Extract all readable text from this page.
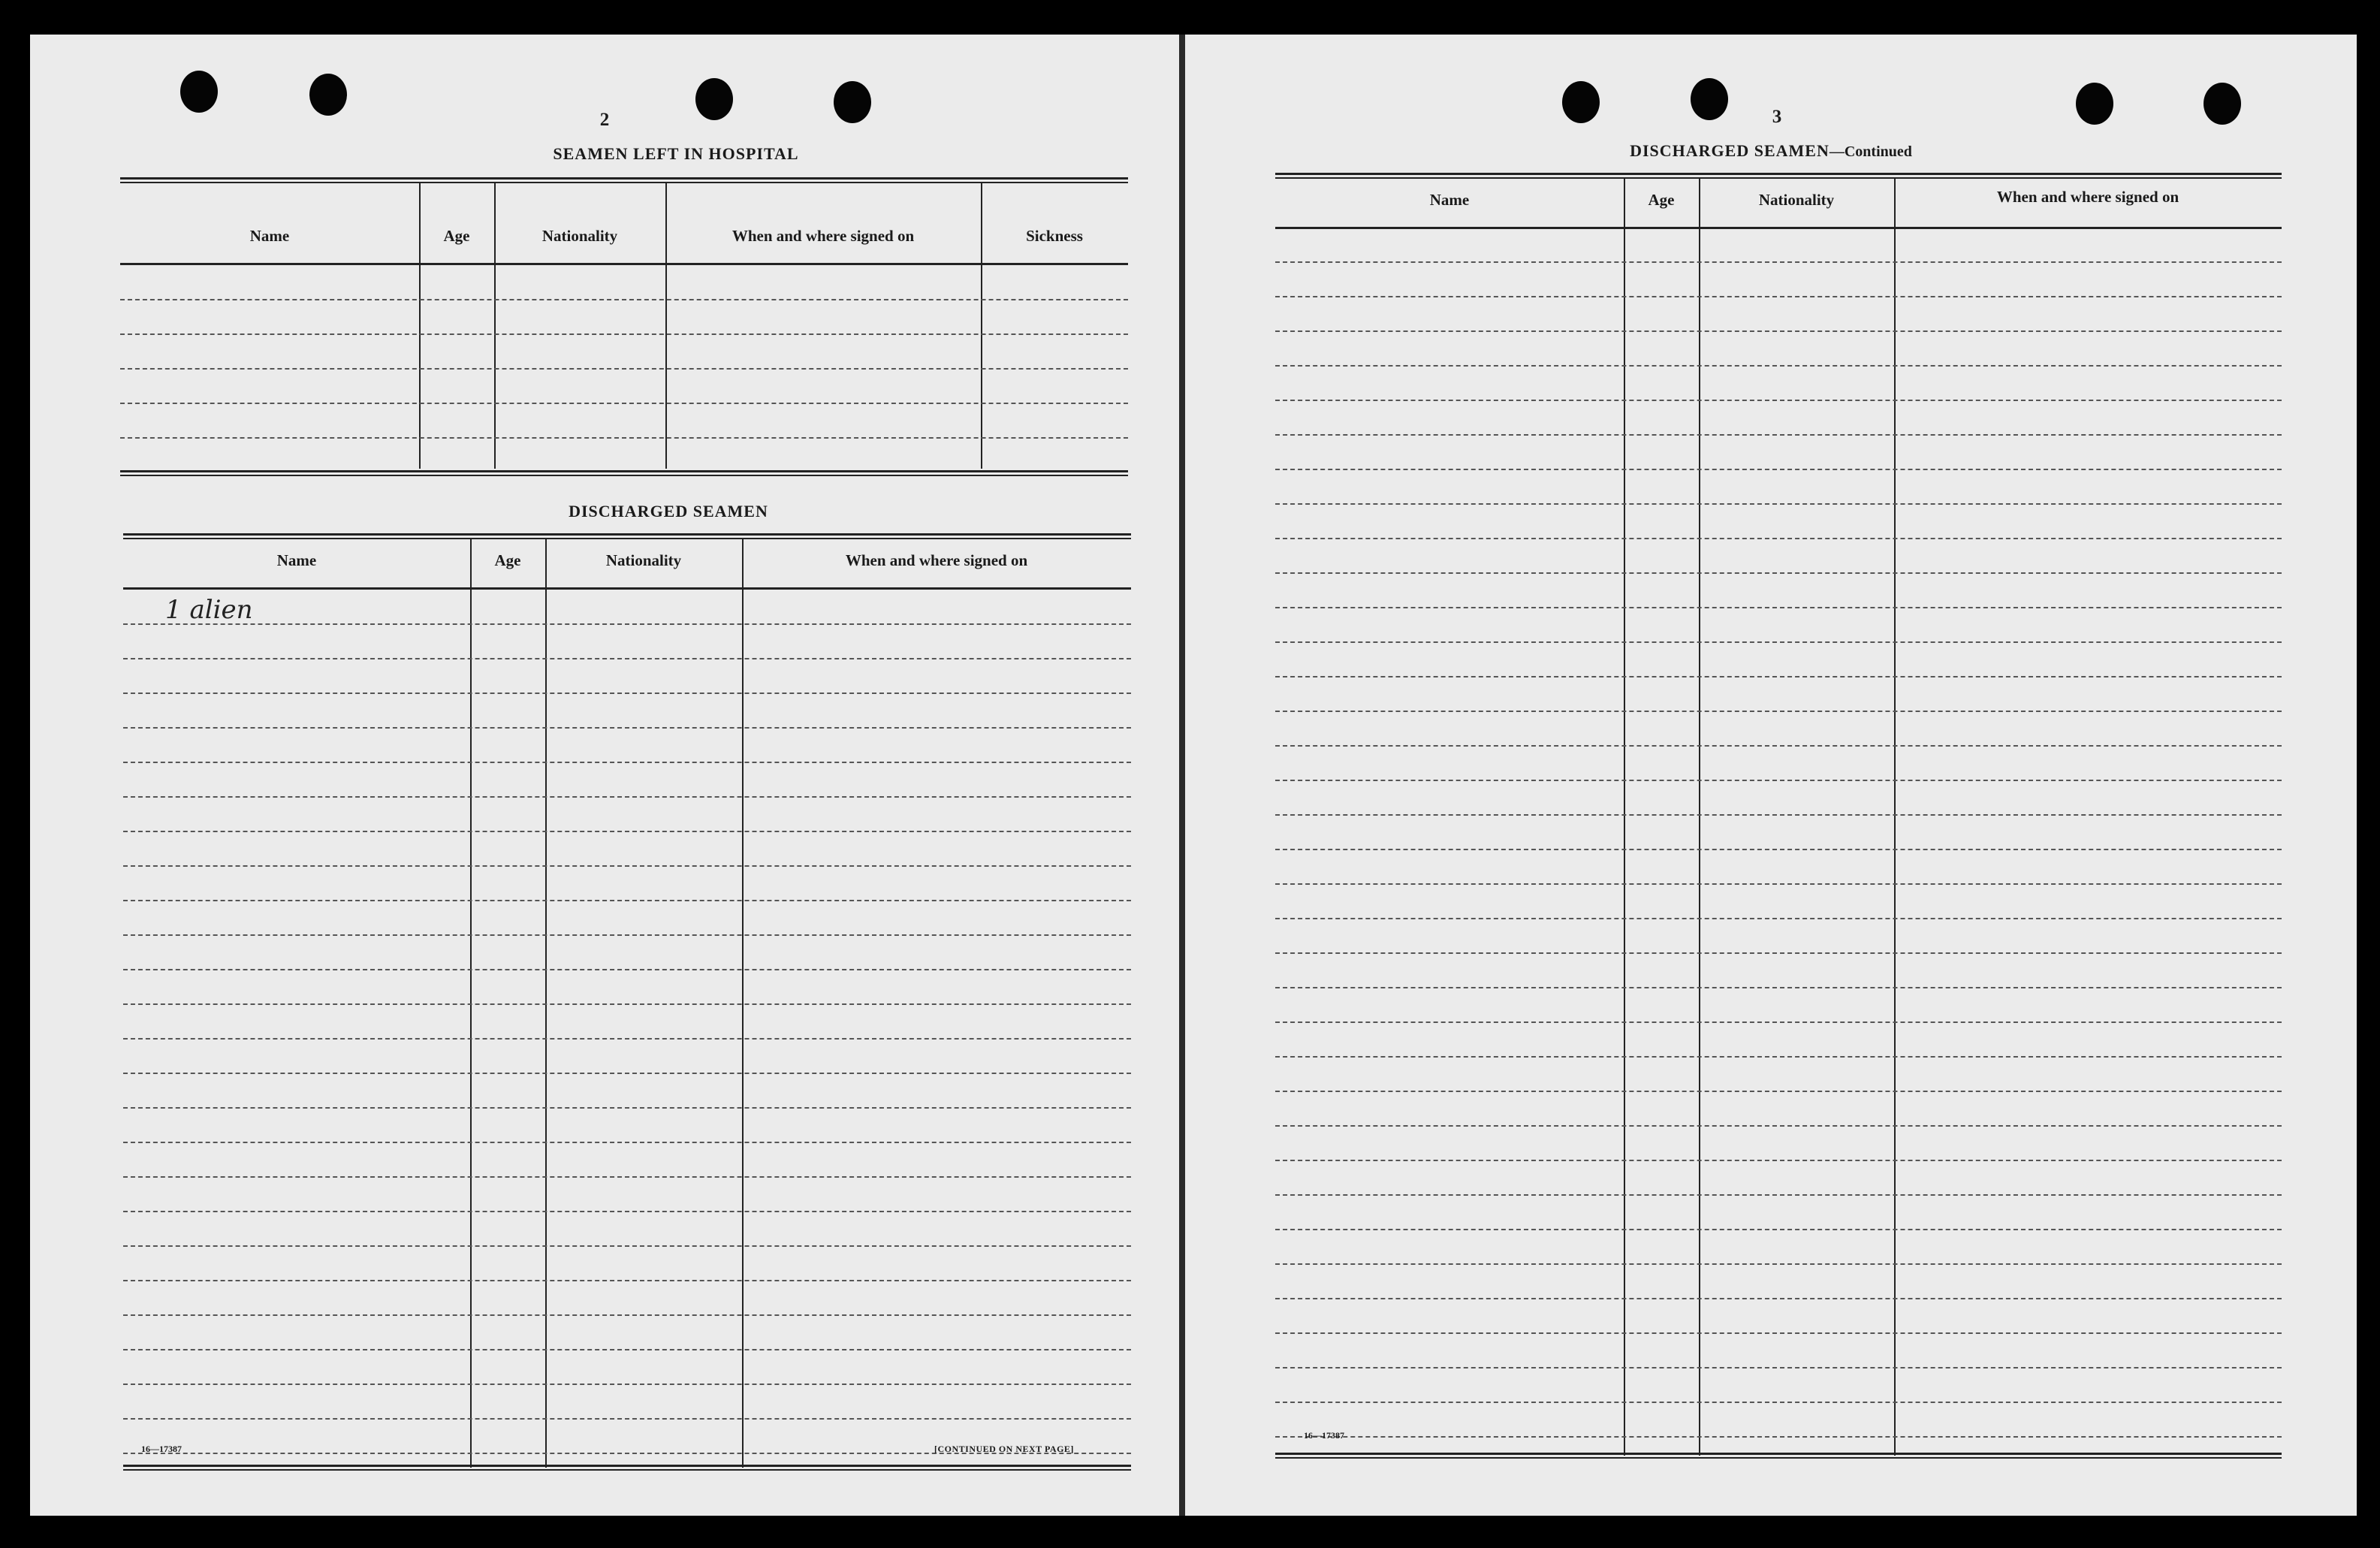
2
SEAMEN LEFT IN HOSPITAL
Name	Age	Nationality	When and where signed on	Sickness
DISCHARGED SEAMEN
Name	Age	Nationality	When and where signed on
1 alien
16—17387	[CONTINUED ON NEXT PAGE]
3
DISCHARGED SEAMEN—Continued
Name	Age	Nationality	When and where signed on
16—17387
